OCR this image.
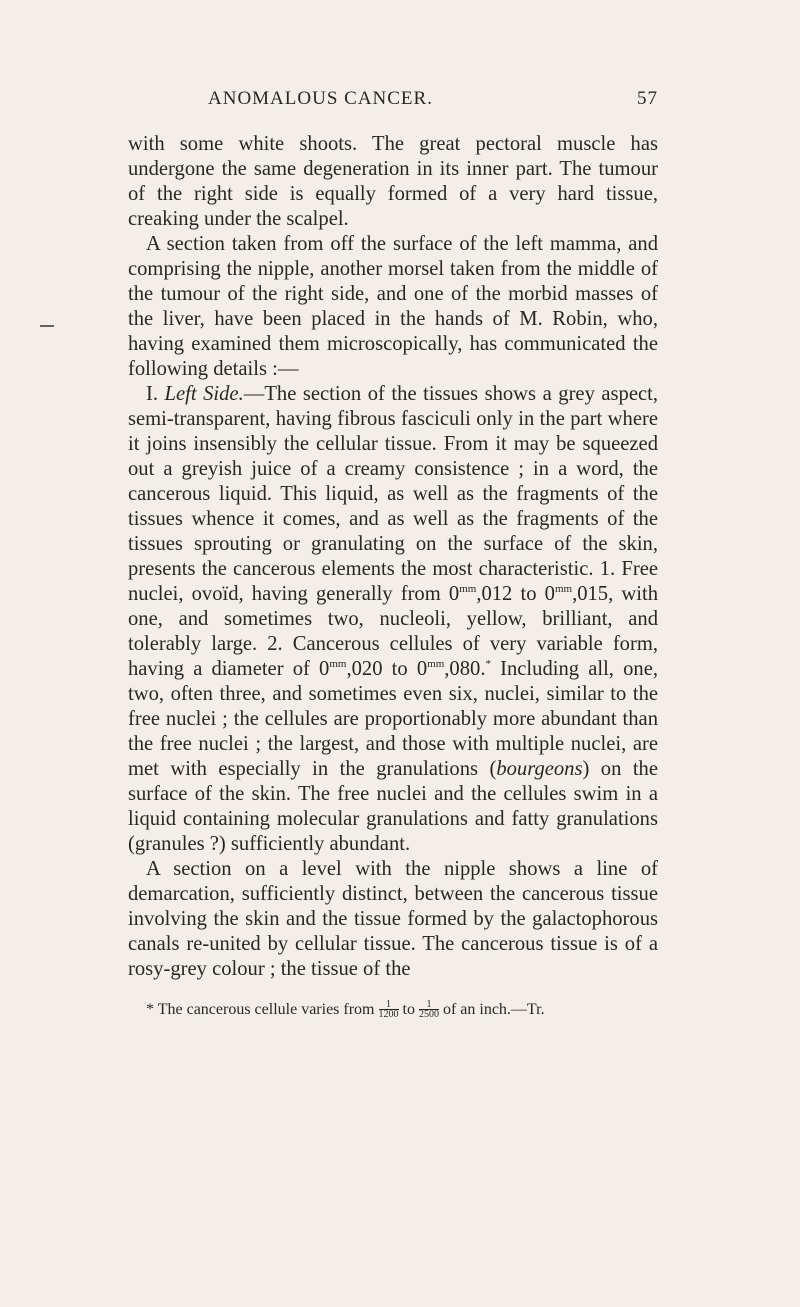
ANOMALOUS CANCER.	57

with some white shoots. The great pectoral muscle has undergone the same degeneration in its inner part. The tumour of the right side is equally formed of a very hard tissue, creaking under the scalpel.

A section taken from off the surface of the left mamma, and comprising the nipple, another morsel taken from the middle of the tumour of the right side, and one of the morbid masses of the liver, have been placed in the hands of M. Robin, who, having examined them microscopically, has communicated the following details :—

I. Left Side.—The section of the tissues shows a grey aspect, semi-transparent, having fibrous fasciculi only in the part where it joins insensibly the cellular tissue. From it may be squeezed out a greyish juice of a creamy consistence ; in a word, the cancerous liquid. This liquid, as well as the fragments of the tissues whence it comes, and as well as the fragments of the tissues sprouting or granulating on the surface of the skin, presents the cancerous elements the most characteristic. 1. Free nuclei, ovoïd, having generally from $0^{mm},012$ to $0^{mm},015$, with one, and sometimes two, nucleoli, yellow, brilliant, and tolerably large. 2. Cancerous cellules of very variable form, having a diameter of $0^{mm},020$ to $0^{mm},080.^*$ Including all, one, two, often three, and sometimes even six, nuclei, similar to the free nuclei ; the cellules are proportionably more abundant than the free nuclei ; the largest, and those with multiple nuclei, are met with especially in the granulations (bourgeons) on the surface of the skin. The free nuclei and the cellules swim in a liquid containing molecular granulations and fatty granulations (granules ?) sufficiently abundant.

A section on a level with the nipple shows a line of demarcation, sufficiently distinct, between the cancerous tissue involving the skin and the tissue formed by the galactophorous canals re-united by cellular tissue. The cancerous tissue is of a rosy-grey colour ; the tissue of the

* The cancerous cellule varies from $\frac{1}{1200}$ to $\frac{1}{2500}$ of an inch.—Tr.
